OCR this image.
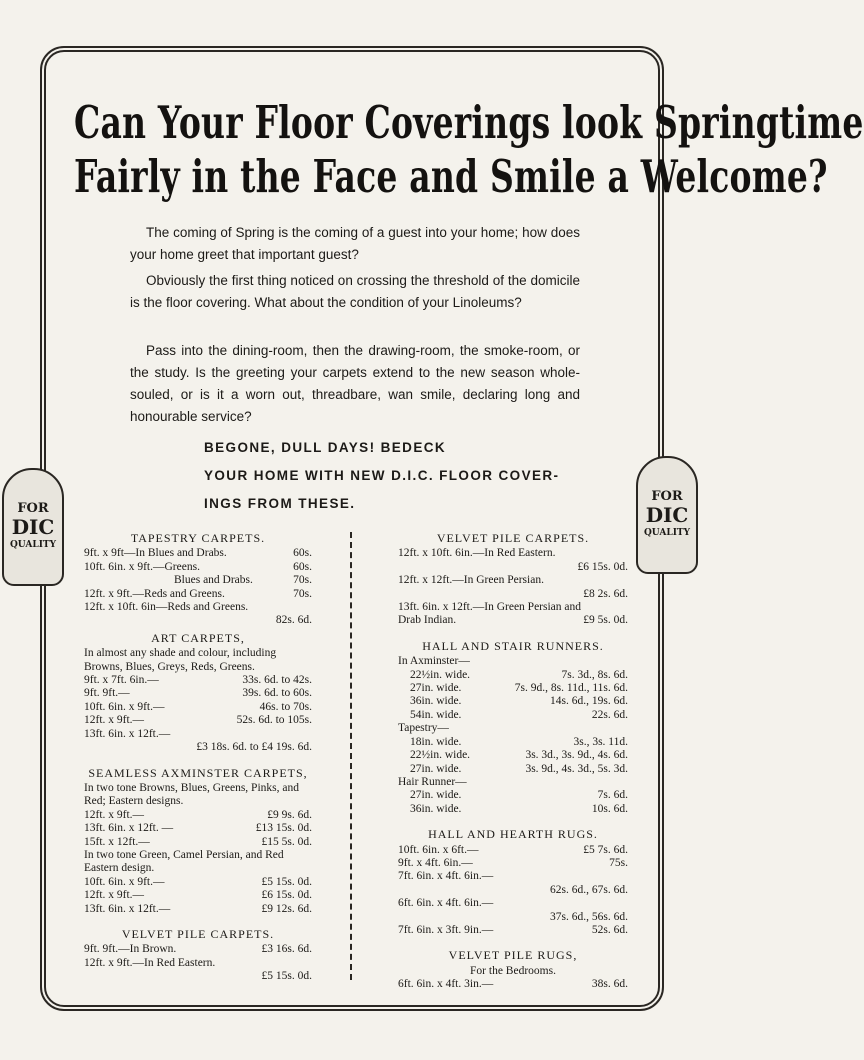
Can Your Floor Coverings look Springtime
Fairly in the Face and Smile a Welcome?

The coming of Spring is the coming of a guest into your home; how does your home greet that important guest?

Obviously the first thing noticed on crossing the threshold of the domicile is the floor covering. What about the condition of your Linoleums?

Pass into the dining-room, then the drawing-room, the smoke-room, or the study. Is the greeting your carpets extend to the new season whole-souled, or is it a worn out, threadbare, wan smile, declaring long and honourable service?

BEGONE, DULL DAYS! BEDECK
YOUR HOME WITH NEW D.I.C. FLOOR COVER-
INGS FROM THESE.
FOR
DIC
QUALITY
FOR
DIC
QUALITY
TAPESTRY CARPETS.
9ft. x 9ft—In Blues and Drabs.	60s.
10ft. 6in. x 9ft.—Greens.	60s.
Blues and Drabs.	70s.
12ft. x 9ft.—Reds and Greens.	70s.
12ft. x 10ft. 6in—Reds and Greens.
82s. 6d.
ART CARPETS,
In almost any shade and colour, including Browns, Blues, Greys, Reds, Greens.
9ft. x 7ft. 6in.—	33s. 6d. to 42s.
9ft. 9ft.—	39s. 6d. to 60s.
10ft. 6in. x 9ft.—	46s. to 70s.
12ft. x 9ft.—	52s. 6d. to 105s.
13ft. 6in. x 12ft.—
£3 18s. 6d. to £4 19s. 6d.
SEAMLESS AXMINSTER CARPETS,
In two tone Browns, Blues, Greens, Pinks, and Red; Eastern designs.
12ft. x 9ft.—	£9 9s. 6d.
13ft. 6in. x 12ft. —	£13 15s. 0d.
15ft. x 12ft.—	£15 5s. 0d.
In two tone Green, Camel Persian, and Red Eastern design.
10ft. 6in. x 9ft.—	£5 15s. 0d.
12ft. x 9ft.—	£6 15s. 0d.
13ft. 6in. x 12ft.—	£9 12s. 6d.
VELVET PILE CARPETS.
9ft. 9ft.—In Brown.	£3 16s. 6d.
12ft. x 9ft.—In Red Eastern.
£5 15s. 0d.
VELVET PILE CARPETS.
12ft. x 10ft. 6in.—In Red Eastern.
£6 15s. 0d.
12ft. x 12ft.—In Green Persian.
£8 2s. 6d.
13ft. 6in. x 12ft.—In Green Persian and Drab Indian.	£9 5s. 0d.
HALL AND STAIR RUNNERS.
In Axminster—
22½in. wide.	7s. 3d., 8s. 6d.
27in. wide.	7s. 9d., 8s. 11d., 11s. 6d.
36in. wide.	14s. 6d., 19s. 6d.
54in. wide.	22s. 6d.
Tapestry—
18in. wide.	3s., 3s. 11d.
22½in. wide.	3s. 3d., 3s. 9d., 4s. 6d.
27in. wide.	3s. 9d., 4s. 3d., 5s. 3d.
Hair Runner—
27in. wide.	7s. 6d.
36in. wide.	10s. 6d.
HALL AND HEARTH RUGS.
10ft. 6in. x 6ft.—	£5 7s. 6d.
9ft. x 4ft. 6in.—	75s.
7ft. 6in. x 4ft. 6in.—
62s. 6d., 67s. 6d.
6ft. 6in. x 4ft. 6in.—
37s. 6d., 56s. 6d.
7ft. 6in. x 3ft. 9in.—	52s. 6d.
VELVET PILE RUGS,
For the Bedrooms.
6ft. 6in. x 4ft. 3in.—	38s. 6d.
